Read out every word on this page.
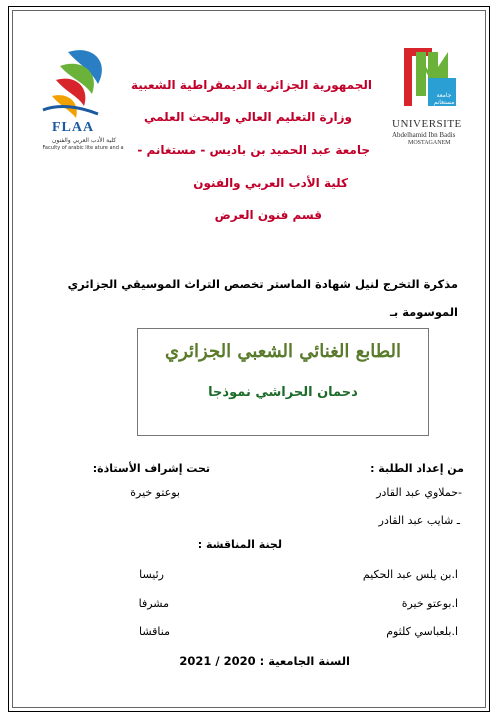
FLAA
كلية الأدب العربي والفنون
Faculty of arabic lite ature and a
جامعة مستغانم
UNIVERSITE
Abdelhamid Ibn Badis
MOSTAGANEM
الجمهورية الجزائرية الديمقراطية الشعبية
وزارة التعليم العالي والبحث العلمي
جامعة عبد الحميد بن باديس - مستغانم -
كلية الأدب العربي والفنون
قسم فنون العرض
مذكرة التخرج لنيل شهادة الماستر تخصص التراث الموسيقي الجزائري
الموسومة بـ
الطابع الغنائي الشعبي الجزائري
دحمان الحراشي نموذجا
من إعداد الطلبة :
-حملاوي عبد القادر
ـ شايب عبد القادر
تحت إشراف الأستاذة:
بوعتو خيرة
لجنة المناقشة :
ا.بن يلس عبد الحكيم
رئيسا
ا.بوعتو خيرة
مشرفا
ا.بلعباسي كلثوم
مناقشا
السنة الجامعية : 2020 / 2021
